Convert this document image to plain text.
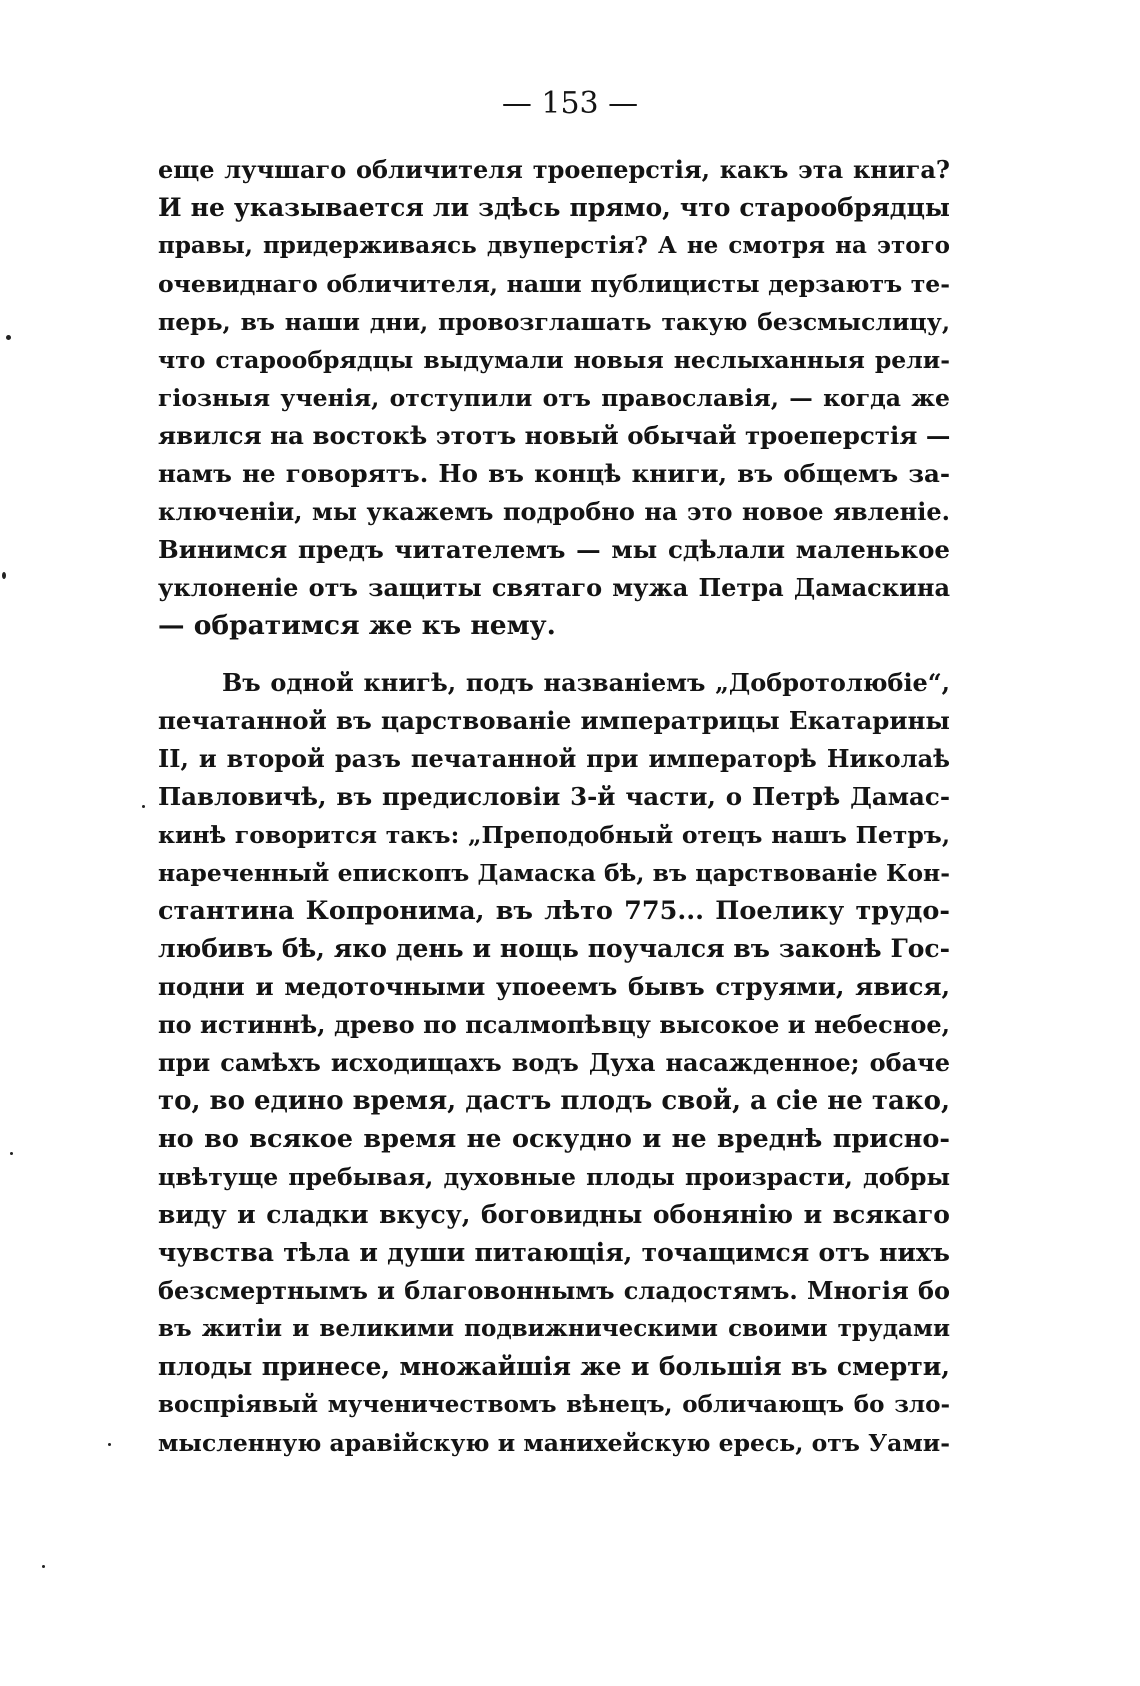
— 153 —
еще лучшаго обличителя троеперстія, какъ эта книга?
И не указывается ли здѣсь прямо, что старообрядцы
правы, придерживаясь двуперстія? А не смотря на этого
очевиднаго обличителя, наши публицисты дерзаютъ те-
перь, въ наши дни, провозглашать такую безсмыслицу,
что старообрядцы выдумали новыя неслыханныя рели-
гіозныя ученія, отступили отъ православія, — когда же
явился на востокѣ этотъ новый обычай троеперстія —
намъ не говорятъ. Но въ концѣ книги, въ общемъ за-
ключеніи, мы укажемъ подробно на это новое явленіе.
Винимся предъ читателемъ — мы сдѣлали маленькое
уклоненіе отъ защиты святаго мужа Петра Дамаскина
— обратимся же къ нему.
Въ одной книгѣ, подъ названіемъ „Добротолюбіе“,
печатанной въ царствованіе императрицы Екатарины
II, и второй разъ печатанной при императорѣ Николаѣ
Павловичѣ, въ предисловіи 3-й части, о Петрѣ Дамас-
кинѣ говорится такъ: „Преподобный отецъ нашъ Петръ,
нареченный епископъ Дамаска бѣ, въ царствованіе Кон-
стантина Копронима, въ лѣто 775... Поелику трудо-
любивъ бѣ, яко день и нощь поучался въ законѣ Гос-
подни и медоточными упоеемъ бывъ струями, явися,
по истиннѣ, древо по псалмопѣвцу высокое и небесное,
при самѣхъ исходищахъ водъ Духа насажденное; обаче
то, во едино время, дастъ плодъ свой, а сіе не тако,
но во всякое время не оскудно и не вреднѣ присно-
цвѣтуще пребывая, духовные плоды произрасти, добры
виду и сладки вкусу, боговидны обонянію и всякаго
чувства тѣла и души питающія, точащимся отъ нихъ
безсмертнымъ и благовоннымъ сладостямъ. Многія бо
въ житіи и великими подвижническими своими трудами
плоды принесе, множайшія же и большія въ смерти,
воспріявый мученичествомъ вѣнецъ, обличающъ бо зло-
мысленную аравійскую и манихейскую ересь, отъ Уами-
